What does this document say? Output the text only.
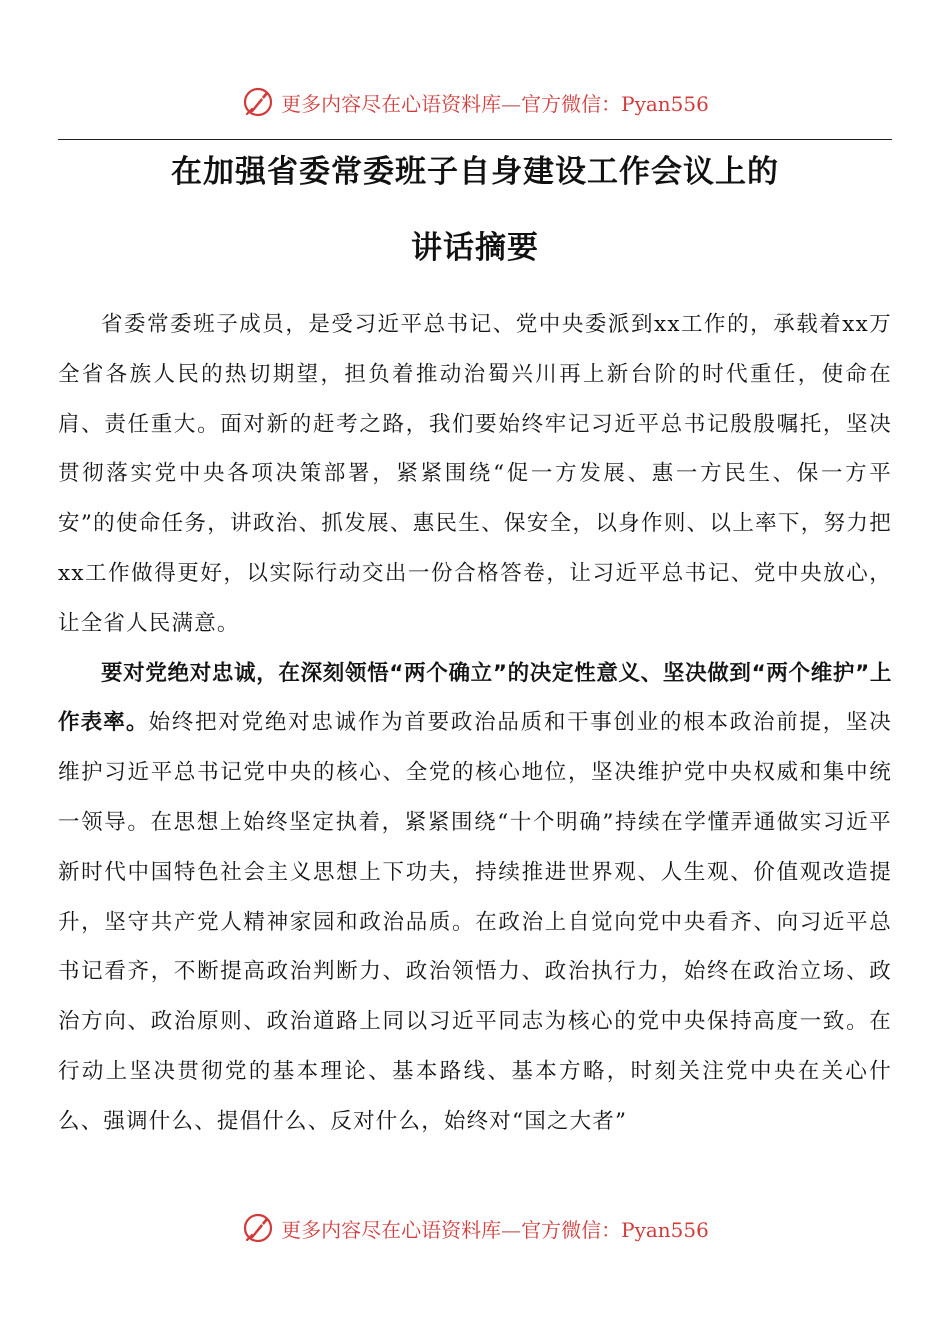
更多内容尽在心语资料库—官方微信：Pyan556
在加强省委常委班子自身建设工作会议上的
讲话摘要

省委常委班子成员，是受习近平总书记、党中央委派到xx工作的，承载着xx万全省各族人民的热切期望，担负着推动治蜀兴川再上新台阶的时代重任，使命在肩、责任重大。面对新的赶考之路，我们要始终牢记习近平总书记殷殷嘱托，坚决贯彻落实党中央各项决策部署，紧紧围绕“促一方发展、惠一方民生、保一方平安”的使命任务，讲政治、抓发展、惠民生、保安全，以身作则、以上率下，努力把xx工作做得更好，以实际行动交出一份合格答卷，让习近平总书记、党中央放心，让全省人民满意。

要对党绝对忠诚，在深刻领悟“两个确立”的决定性意义、坚决做到“两个维护”上作表率。始终把对党绝对忠诚作为首要政治品质和干事创业的根本政治前提，坚决维护习近平总书记党中央的核心、全党的核心地位，坚决维护党中央权威和集中统一领导。在思想上始终坚定执着，紧紧围绕“十个明确”持续在学懂弄通做实习近平新时代中国特色社会主义思想上下功夫，持续推进世界观、人生观、价值观改造提升，坚守共产党人精神家园和政治品质。在政治上自觉向党中央看齐、向习近平总书记看齐，不断提高政治判断力、政治领悟力、政治执行力，始终在政治立场、政治方向、政治原则、政治道路上同以习近平同志为核心的党中央保持高度一致。在行动上坚决贯彻党的基本理论、基本路线、基本方略，时刻关注党中央在关心什么、强调什么、提倡什么、反对什么，始终对“国之大者”

更多内容尽在心语资料库—官方微信：Pyan556
